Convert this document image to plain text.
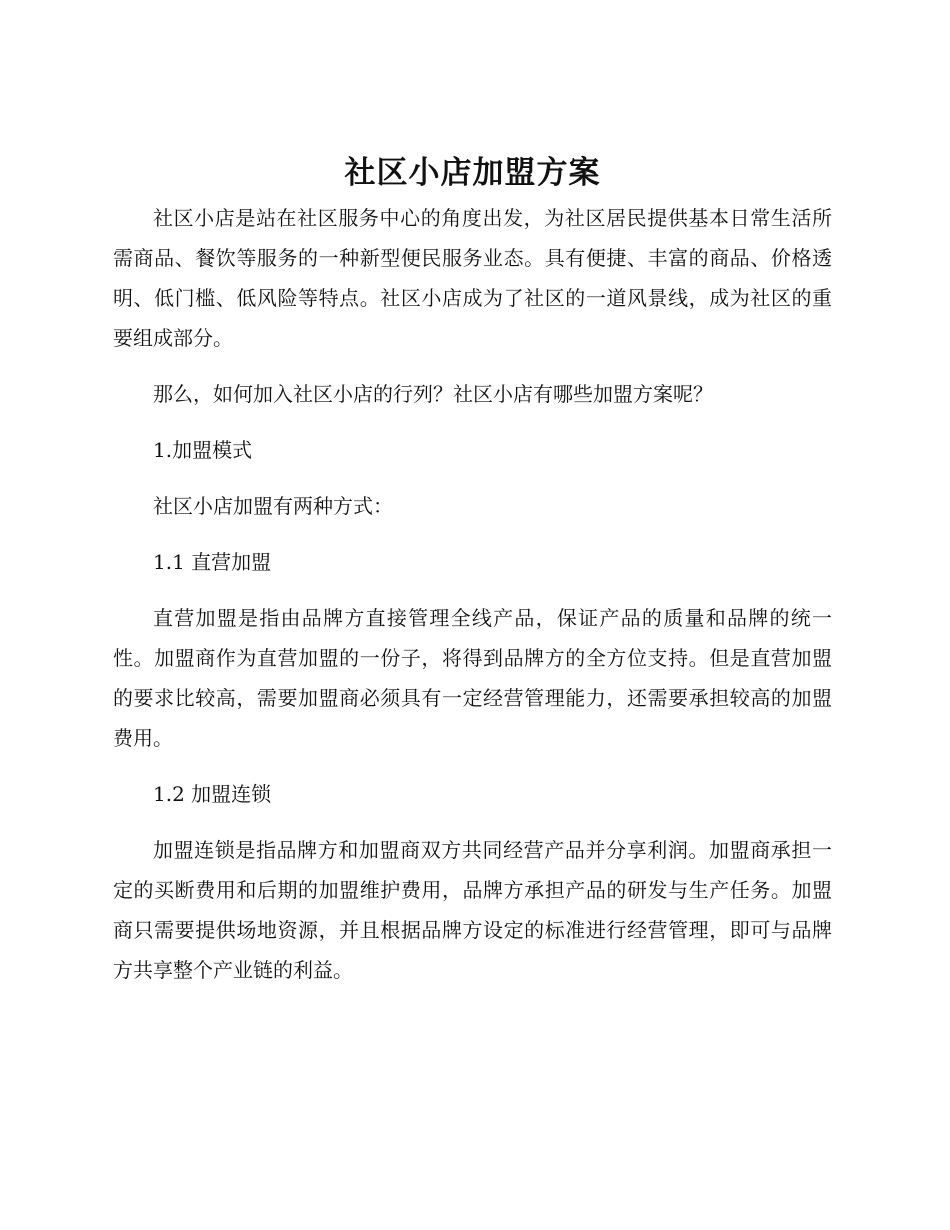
社区小店加盟方案

社区小店是站在社区服务中心的角度出发，为社区居民提供基本日常生活所需商品、餐饮等服务的一种新型便民服务业态。具有便捷、丰富的商品、价格透明、低门槛、低风险等特点。社区小店成为了社区的一道风景线，成为社区的重要组成部分。

那么，如何加入社区小店的行列？社区小店有哪些加盟方案呢？

1.加盟模式

社区小店加盟有两种方式：

1.1 直营加盟

直营加盟是指由品牌方直接管理全线产品，保证产品的质量和品牌的统一性。加盟商作为直营加盟的一份子，将得到品牌方的全方位支持。但是直营加盟的要求比较高，需要加盟商必须具有一定经营管理能力，还需要承担较高的加盟费用。

1.2 加盟连锁

加盟连锁是指品牌方和加盟商双方共同经营产品并分享利润。加盟商承担一定的买断费用和后期的加盟维护费用，品牌方承担产品的研发与生产任务。加盟商只需要提供场地资源，并且根据品牌方设定的标准进行经营管理，即可与品牌方共享整个产业链的利益。
